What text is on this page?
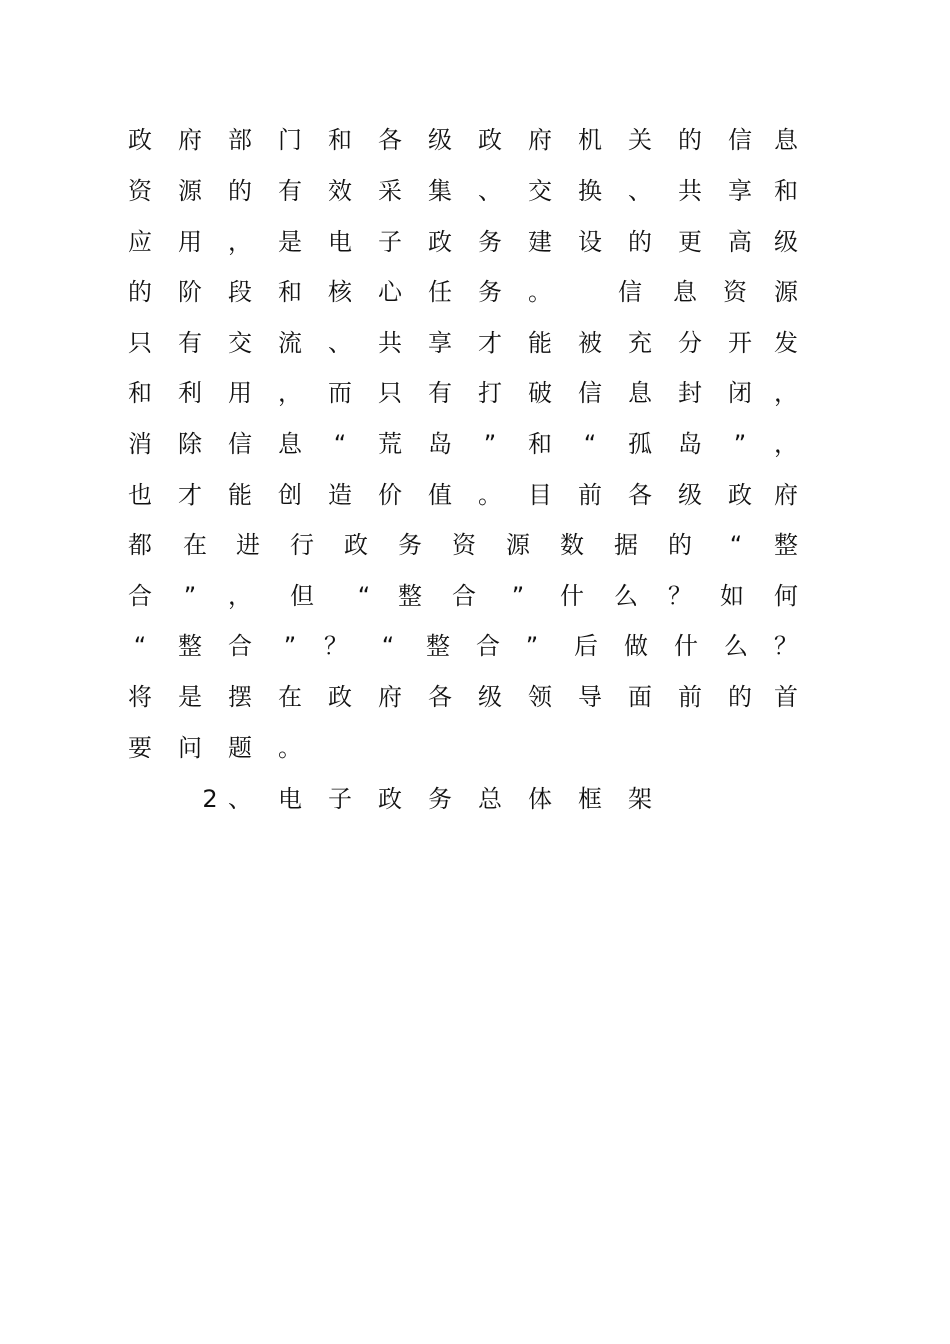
政	府	部	门	和	各	级	政	府	机	关	的	信 息
资	源	的	有	效	采	集	、	交	换	、	共	享 和
应	用	，	是	电	子	政	务	建	设	的	更	高 级
的	阶	段	和	核	心	任	务	。
	信	息	资	源
只	有	交	流	、	共	享	才	能	被	充	分	开 发
和	利	用	，	而	只	有	打	破	信	息	封	闭 ，
消	除	信	息	“	荒	岛	”	和	“	孤	岛	”	，
也	才	能	创	造	价	值	。	目	前	各	级	政 府
都	在	进	行	政	务	资	源	数	据	的	“	整
合	”	，	但	“	整	合	”	什	么	？	如	何
“	整	合	”	？	“	整	合	”	后	做	什	么	？
将	是	摆	在	政	府	各	级	领	导	面	前	的 首
要	问	题	。
2 、	电	子	政	务	总	体	框	架
